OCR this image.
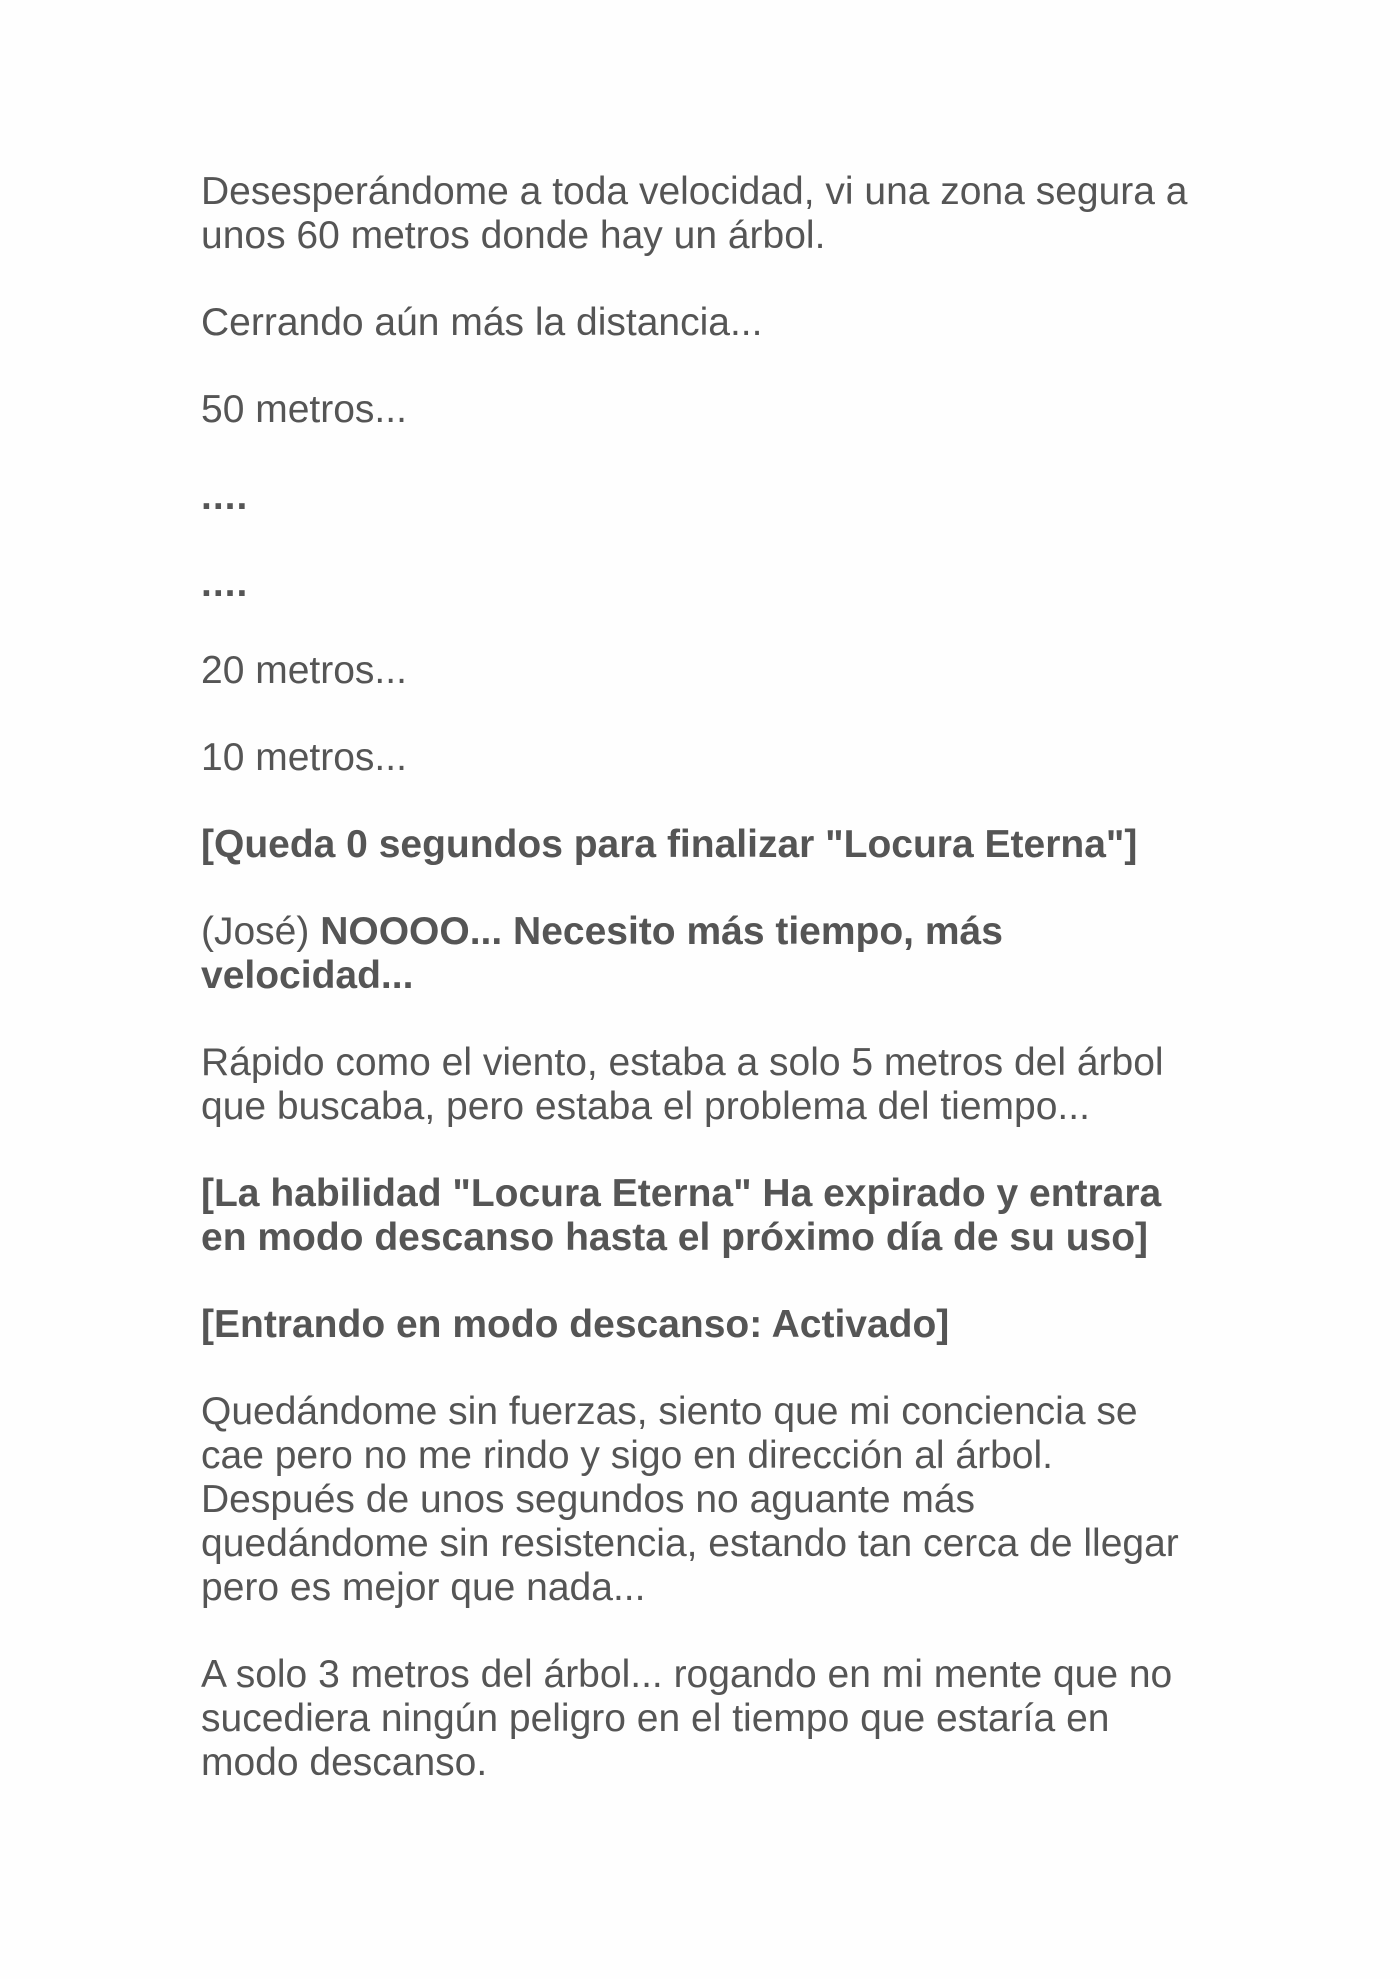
Desesperándome a toda velocidad, vi una zona segura a unos 60 metros donde hay un árbol.

Cerrando aún más la distancia...

50 metros...

....

....

20 metros...

10 metros...

[Queda 0 segundos para finalizar "Locura Eterna"]

(José) NOOOO... Necesito más tiempo, más velocidad...

Rápido como el viento, estaba a solo 5 metros del árbol que buscaba, pero estaba el problema del tiempo...

[La habilidad "Locura Eterna" Ha expirado y entrara en modo descanso hasta el próximo día de su uso]

[Entrando en modo descanso: Activado]

Quedándome sin fuerzas, siento que mi conciencia se cae pero no me rindo y sigo en dirección al árbol. Después de unos segundos no aguante más quedándome sin resistencia, estando tan cerca de llegar pero es mejor que nada...

A solo 3 metros del árbol... rogando en mi mente que no sucediera ningún peligro en el tiempo que estaría en modo descanso.
